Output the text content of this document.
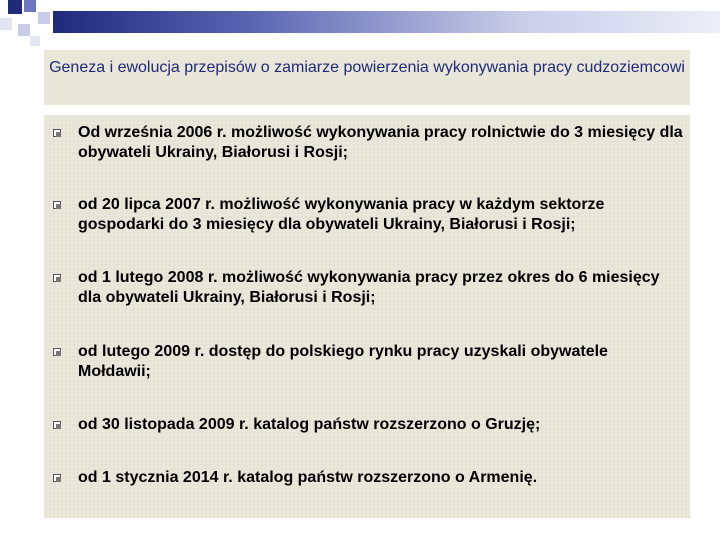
Geneza i ewolucja przepisów o zamiarze powierzenia wykonywania pracy cudzoziemcowi
Od września 2006 r. możliwość wykonywania pracy rolnictwie do 3 miesięcy dla obywateli Ukrainy, Białorusi i Rosji;
od 20 lipca 2007 r. możliwość wykonywania pracy w każdym sektorze gospodarki do 3 miesięcy dla obywateli Ukrainy, Białorusi i Rosji;
od 1 lutego 2008 r. możliwość wykonywania pracy przez okres do 6 miesięcy dla obywateli Ukrainy, Białorusi i Rosji;
od lutego 2009 r. dostęp do polskiego rynku pracy uzyskali obywatele Mołdawii;
od 30 listopada 2009 r. katalog państw rozszerzono o Gruzję;
od 1 stycznia 2014 r. katalog państw rozszerzono o Armenię.
